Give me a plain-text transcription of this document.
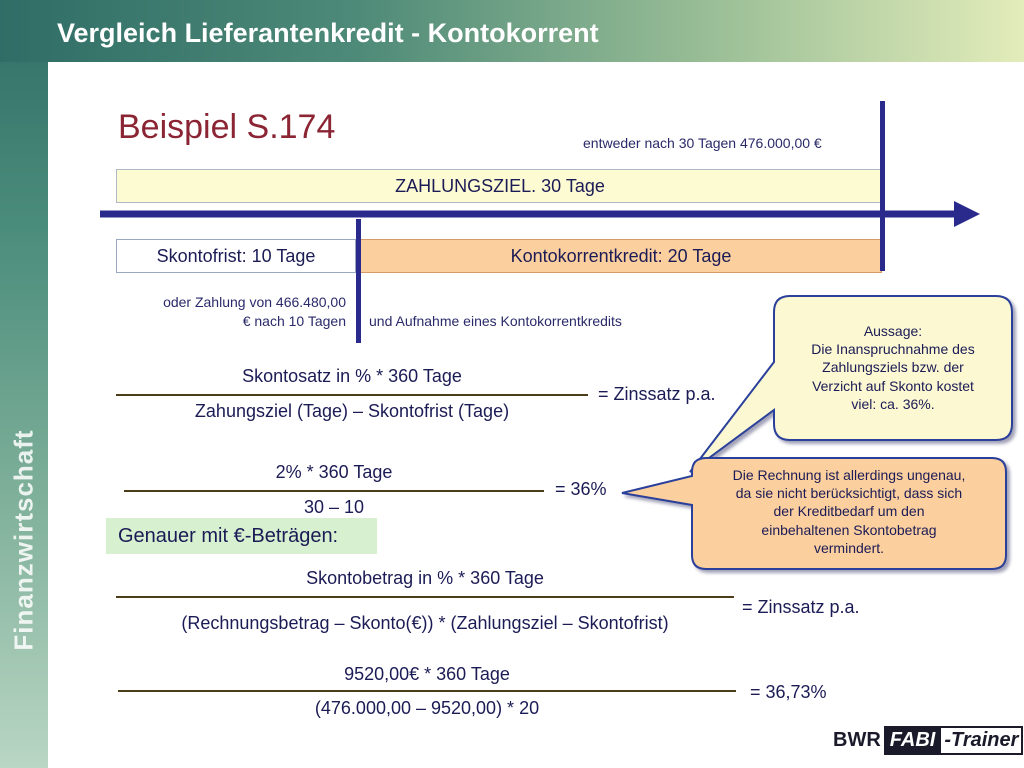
Finanzwirtschaft
Vergleich Lieferantenkredit - Kontokorrent
Beispiel S.174	entweder nach 30 Tagen 476.000,00 €
ZAHLUNGSZIEL. 30 Tage
Skontofrist: 10 Tage	Kontokorrentkredit: 20 Tage
oder Zahlung von 466.480,00
€ nach 10 Tagen und Aufnahme eines Kontokorrentkredits
Skontosatz in % * 360 Tage
Zahungsziel (Tage) – Skontofrist (Tage)
= Zinssatz p.a.
2% * 360 Tage
30 – 10
= 36%
Genauer mit €-Beträgen:
Skontobetrag in % * 360 Tage
(Rechnungsbetrag – Skonto(€)) * (Zahlungsziel – Skontofrist)
= Zinssatz p.a.
9520,00€ * 360 Tage
(476.000,00 – 9520,00) * 20
= 36,73%
Aussage:
Die Inanspruchnahme des
Zahlungsziels bzw. der
Verzicht auf Skonto kostet
viel: ca. 36%.
Die Rechnung ist allerdings ungenau,
da sie nicht berücksichtigt, dass sich
der Kreditbedarf um den
einbehaltenen Skontobetrag
vermindert.
BWR FABI -Trainer
